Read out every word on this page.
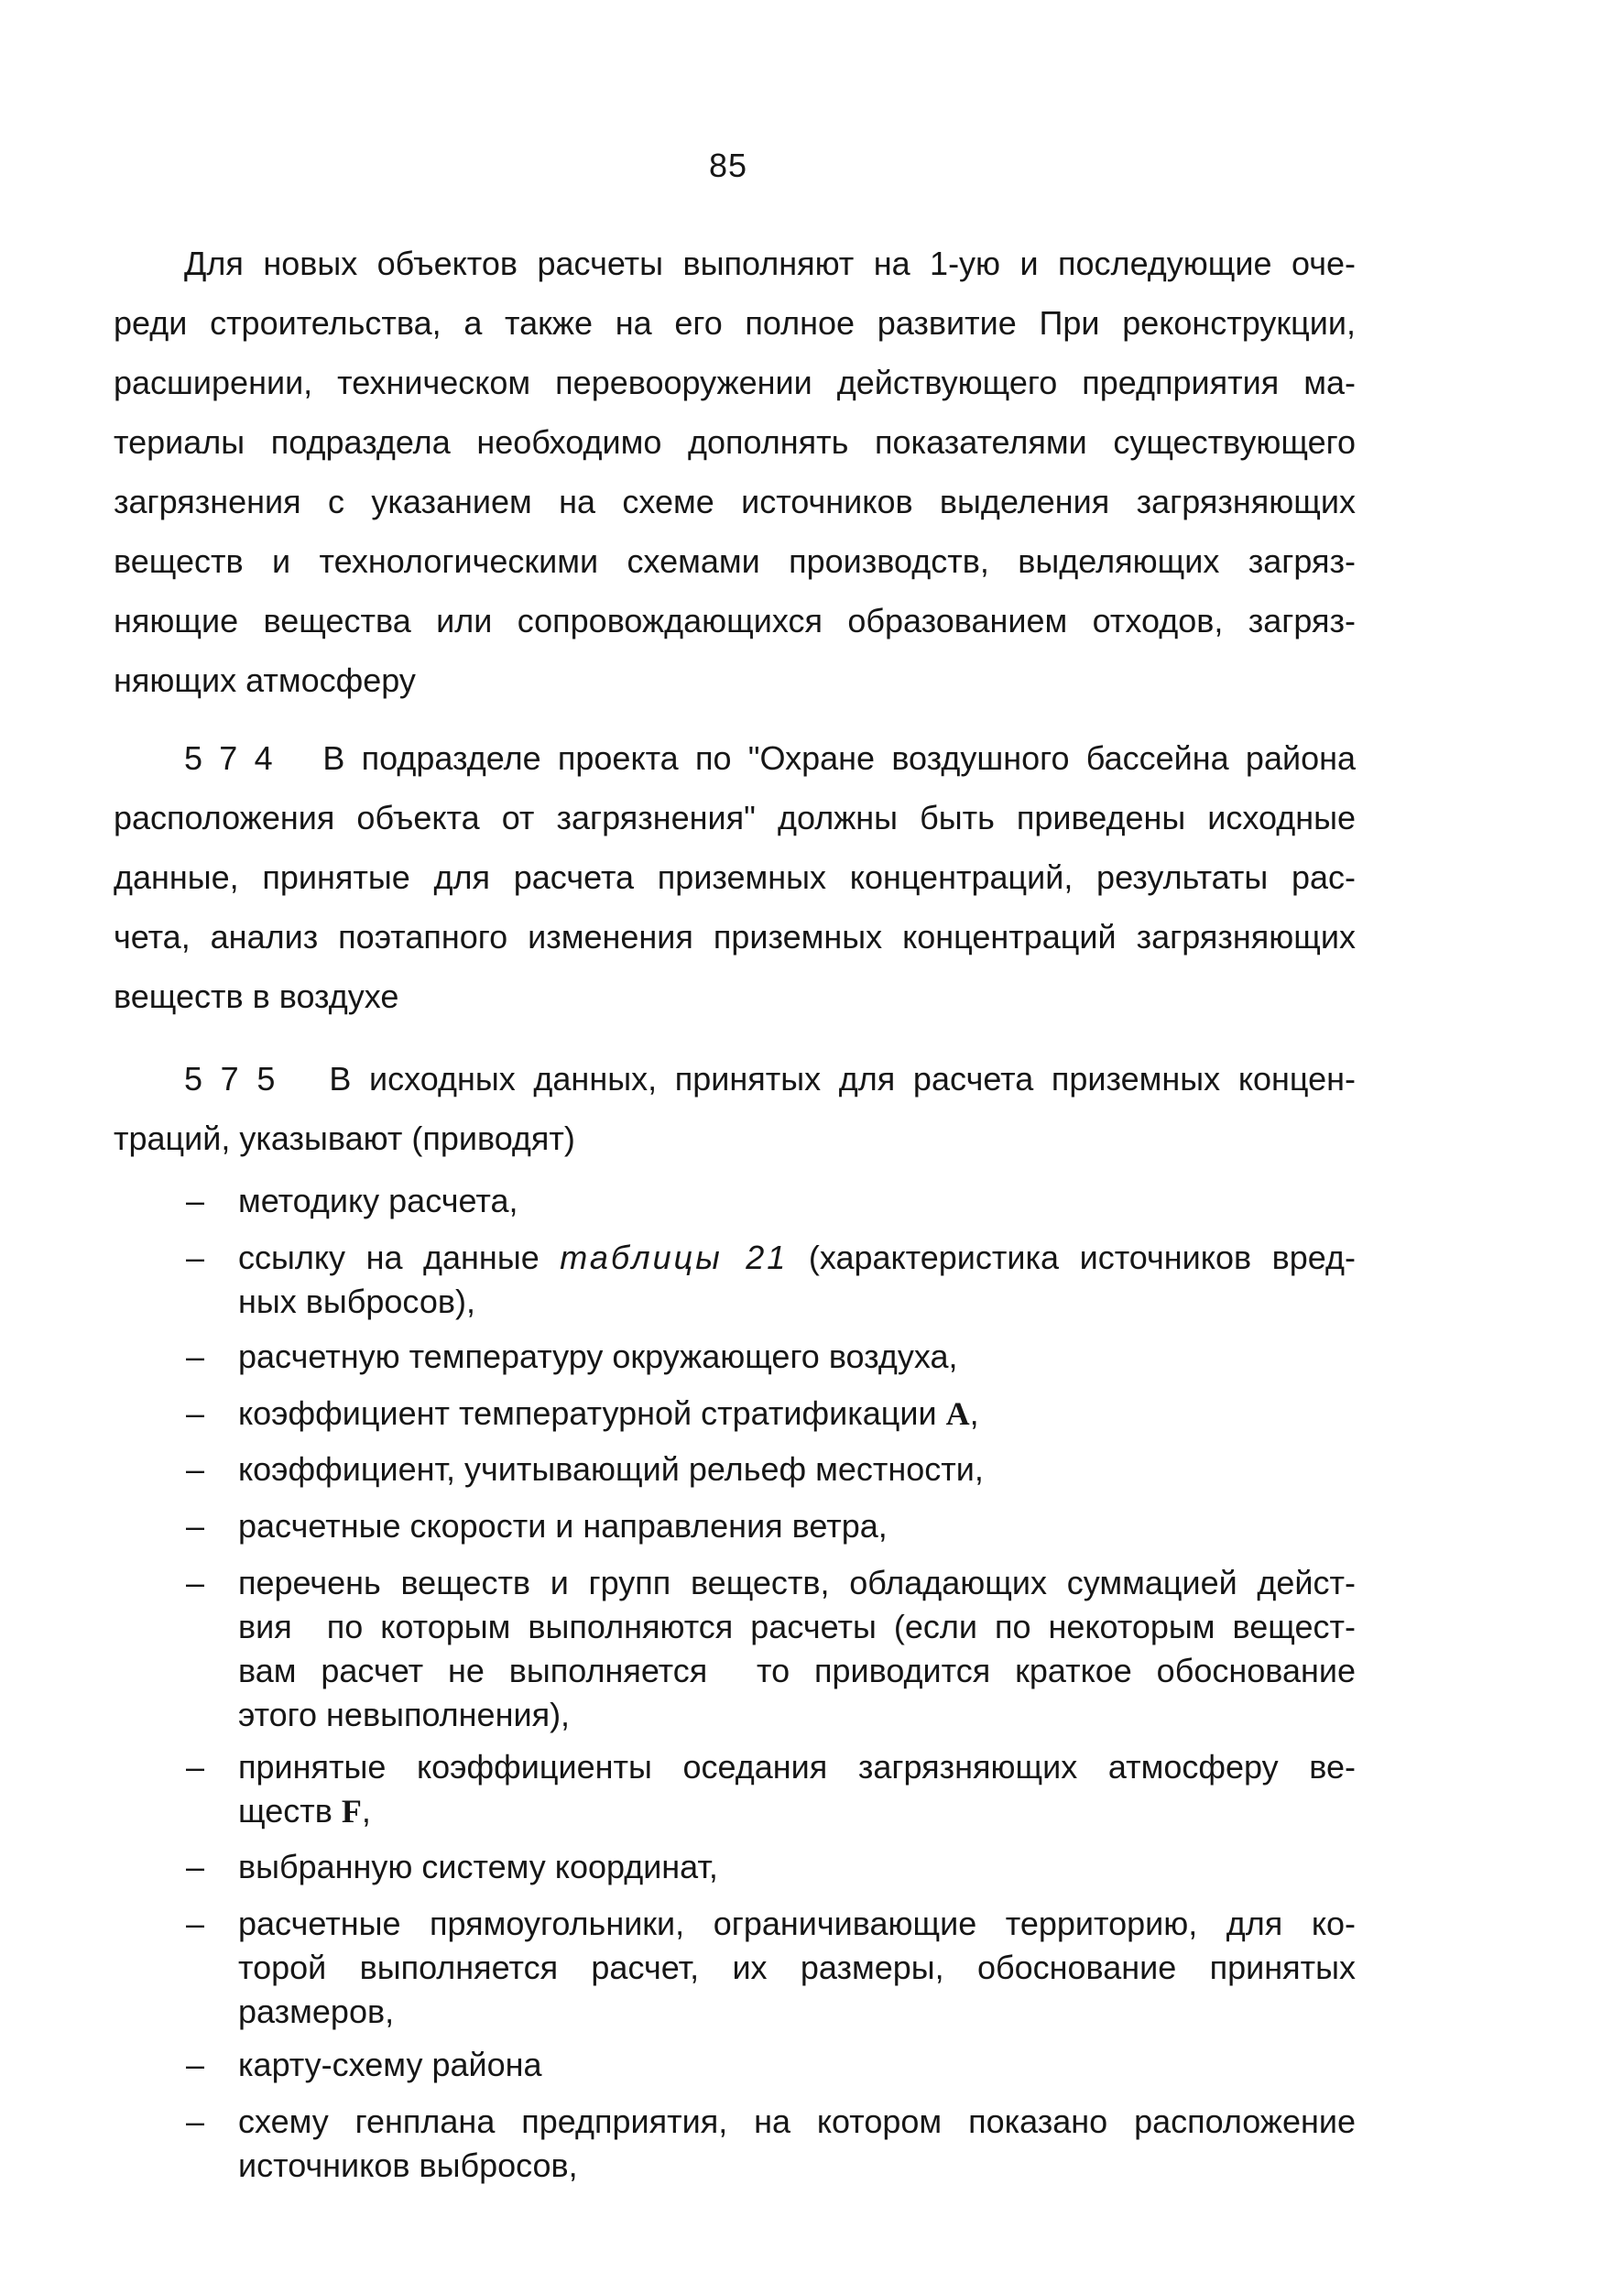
85
Для новых объектов расчеты выполняют на 1-ую и последующие оче-
реди строительства, а также на его полное развитие При реконструкции,
расширении, техническом перевооружении действующего предприятия ма-
териалы подраздела необходимо дополнять показателями существующего
загрязнения с указанием на схеме источников выделения загрязняющих
веществ и технологическими схемами производств, выделяющих загряз-
няющие вещества или сопровождающихся образованием отходов, загряз-
няющих атмосферу
5 7 4   В подразделе проекта по "Охране воздушного бассейна района
расположения объекта от загрязнения" должны быть приведены исходные
данные, принятые для расчета приземных концентраций, результаты рас-
чета, анализ поэтапного изменения приземных концентраций загрязняющих
веществ в воздухе
5 7 5   В исходных данных, принятых для расчета приземных концен-
траций, указывают (приводят)
– методику расчета,
– ссылку на данные таблицы 21 (характеристика источников вред-
ных выбросов),
– расчетную температуру окружающего воздуха,
– коэффициент температурной стратификации А,
– коэффициент, учитывающий рельеф местности,
– расчетные скорости и направления ветра,
– перечень веществ и групп веществ, обладающих суммацией дейст-
вия  по которым выполняются расчеты (если по некоторым вещест-
вам расчет не выполняется  то приводится краткое обоснование
этого невыполнения),
– принятые коэффициенты оседания загрязняющих атмосферу ве-
ществ F,
– выбранную систему координат,
– расчетные прямоугольники, ограничивающие территорию, для ко-
торой выполняется расчет, их размеры, обоснование принятых
размеров,
– карту-схему района
– схему генплана предприятия, на котором показано расположение
источников выбросов,
